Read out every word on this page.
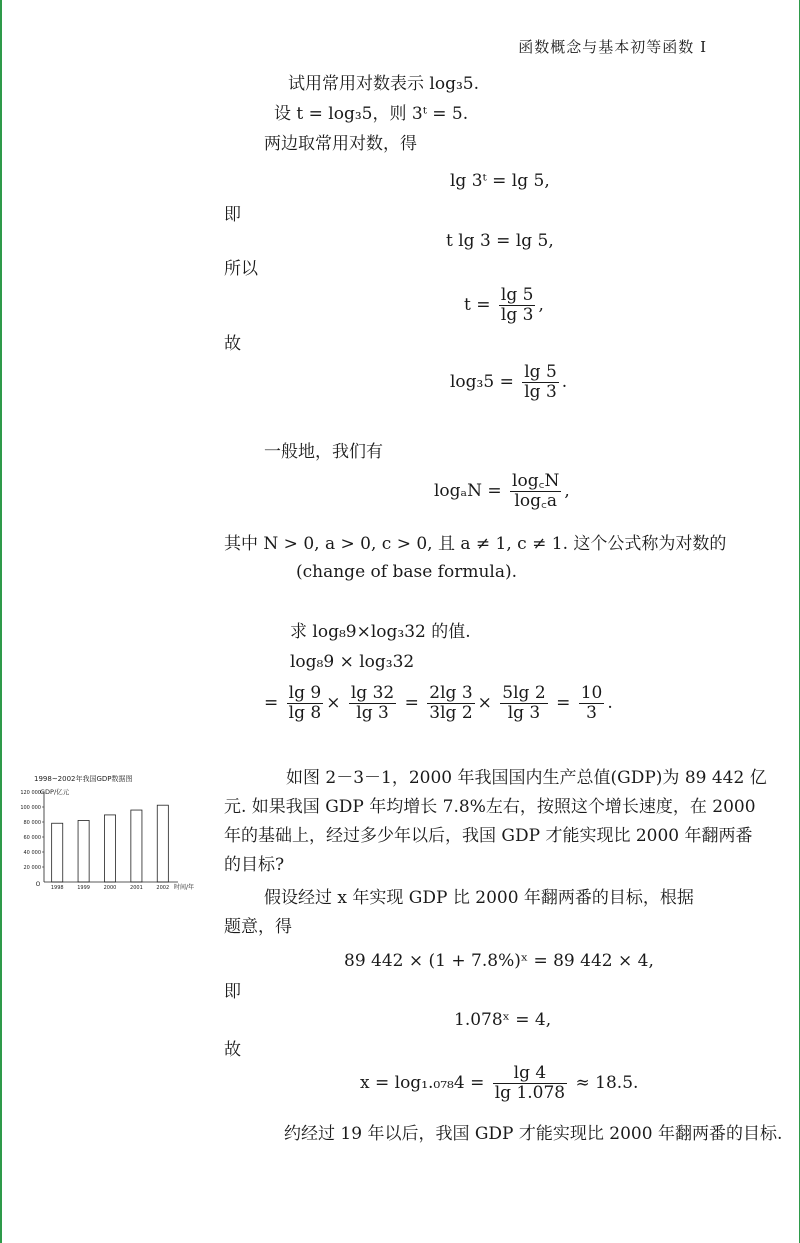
函数概念与基本初等函数 I
试用常用对数表示 log₃5.
设 t = log₃5，则 3ᵗ = 5.
两边取常用对数，得
lg 3ᵗ = lg 5,
即
t lg 3 = lg 5,
所以
$t = \frac{\lg 5}{\lg 3}$ ,
故
$\log_35 = \frac{\lg 5}{\lg 3}$ .
一般地，我们有
$\log_aN = \frac{\log꜀N}{\log꜀a}$ ,
其中 N > 0, a > 0, c > 0, 且 a ≠ 1, c ≠ 1. 这个公式称为对数的
(change of base formula).
求 log₈9×log₃32 的值.
log₈9 × log₃32
= $\frac{\lg 9}{\lg 8} \times \frac{\lg 32}{\lg 3} = \frac{2\lg 3}{3\lg 2} \times \frac{5\lg 2}{\lg 3} = \frac{10}{3}$ .
1998~2002年我国GDP数据图
GDP/亿元
时间/年
O
20 000
40 000
60 000
80 000
100 000
120 000
1998	1999	2000	2001	2002
如图 2－3－1，2000 年我国国内生产总值(GDP)为 89 442 亿
元. 如果我国 GDP 年均增长 7.8%左右，按照这个增长速度，在 2000
年的基础上，经过多少年以后，我国 GDP 才能实现比 2000 年翻两番
的目标?
假设经过 x 年实现 GDP 比 2000 年翻两番的目标，根据
题意，得
89 442 × (1 + 7.8%)ˣ = 89 442 × 4,
即
1.078ˣ = 4,
故
$x = \log_1._{078}4 = \frac{\lg 4}{\lg 1.078} \approx 18.5$.
约经过 19 年以后，我国 GDP 才能实现比 2000 年翻两番的目标.
